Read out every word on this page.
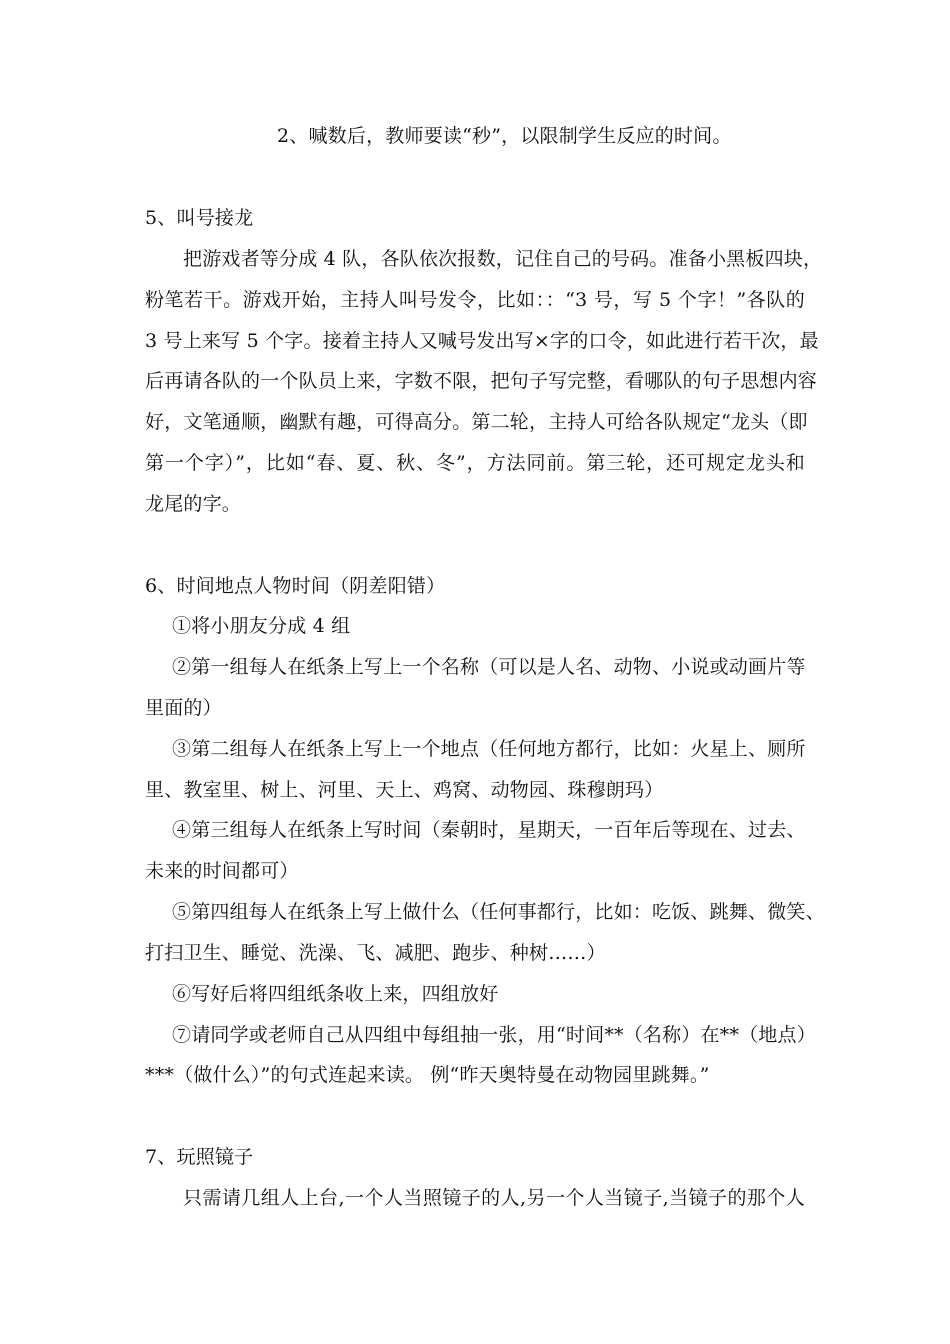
2、喊数后，教师要读“秒”，以限制学生反应的时间。
5、叫号接龙
把游戏者等分成 4 队，各队依次报数，记住自己的号码。准备小黑板四块，
粉笔若干。游戏开始，主持人叫号发令，比如：：“3 号，写 5 个字！”各队的
3 号上来写 5 个字。接着主持人又喊号发出写×字的口令，如此进行若干次，最
后再请各队的一个队员上来，字数不限，把句子写完整，看哪队的句子思想内容
好，文笔通顺，幽默有趣，可得高分。第二轮，主持人可给各队规定“龙头（即
第一个字）”，比如“春、夏、秋、冬”，方法同前。第三轮，还可规定龙头和
龙尾的字。
6、时间地点人物时间（阴差阳错）
①将小朋友分成 4 组
②第一组每人在纸条上写上一个名称（可以是人名、动物、小说或动画片等
里面的）
③第二组每人在纸条上写上一个地点（任何地方都行，比如：火星上、厕所
里、教室里、树上、河里、天上、鸡窝、动物园、珠穆朗玛）
④第三组每人在纸条上写时间（秦朝时，星期天，一百年后等现在、过去、
未来的时间都可）
⑤第四组每人在纸条上写上做什么（任何事都行，比如：吃饭、跳舞、微笑、
打扫卫生、睡觉、洗澡、飞、减肥、跑步、种树……）
⑥写好后将四组纸条收上来，四组放好
⑦请同学或老师自己从四组中每组抽一张，用“时间**（名称）在**（地点）
***（做什么）”的句式连起来读。 例“昨天奥特曼在动物园里跳舞。”
7、玩照镜子
只需请几组人上台,一个人当照镜子的人,另一个人当镜子,当镜子的那个人
